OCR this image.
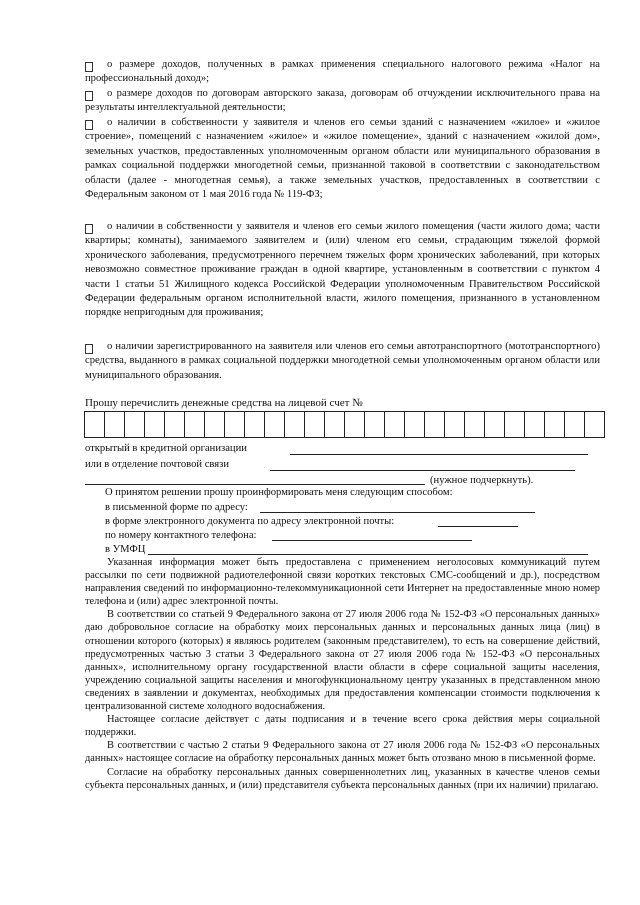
о размере доходов, полученных в рамках применения специального налогового режима «Налог на профессиональный доход»;

о размере доходов по договорам авторского заказа, договорам об отчуждении исключительного права на результаты интеллектуальной деятельности;

о наличии в собственности у заявителя и членов его семьи зданий с назначением «жилое» и «жилое строение», помещений с назначением «жилое» и «жилое помещение», зданий с назначением «жилой дом», земельных участков, предоставленных уполномоченным органом области или муниципального образования в рамках социальной поддержки многодетной семьи, признанной таковой в соответствии с законодательством области (далее - многодетная семья), а также земельных участков, предоставленных в соответствии с Федеральным законом от 1 мая 2016 года № 119-ФЗ;

о наличии в собственности у заявителя и членов его семьи жилого помещения (части жилого дома; части квартиры; комнаты), занимаемого заявителем и (или) членом его семьи, страдающим тяжелой формой хронического заболевания, предусмотренного перечнем тяжелых форм хронических заболеваний, при которых невозможно совместное проживание граждан в одной квартире, установленным в соответствии с пунктом 4 части 1 статьи 51 Жилищного кодекса Российской Федерации уполномоченным Правительством Российской Федерации федеральным органом исполнительной власти, жилого помещения, признанного в установленном порядке непригодным для проживания;

о наличии зарегистрированного на заявителя или членов его семьи автотранспортного (мототранспортного) средства, выданного в рамках социальной поддержки многодетной семьи уполномоченным органом области или муниципального образования.

Прошу перечислить денежные средства на лицевой счет №
открытый в кредитной организации
или в отделение почтовой связи
(нужное подчеркнуть).
О принятом решении прошу проинформировать меня следующим способом:
в письменной форме по адресу:
в форме электронного документа по адресу электронной почты:
по номеру контактного телефона:
в УМФЦ

Указанная информация может быть предоставлена с применением неголосовых коммуникаций путем рассылки по сети подвижной радиотелефонной связи коротких текстовых СМС-сообщений и др.), посредством направления сведений по информационно-телекоммуникационной сети Интернет на предоставленные мною номер телефона и (или) адрес электронной почты.

В соответствии со статьей 9 Федерального закона от 27 июля 2006 года № 152-ФЗ «О персональных данных» даю добровольное согласие на обработку моих персональных данных и персональных данных лица (лиц) в отношении которого (которых) я являюсь родителем (законным представителем), то есть на совершение действий, предусмотренных частью 3 статьи 3 Федерального закона от 27 июля 2006 года № 152-ФЗ «О персональных данных», исполнительному органу государственной власти области в сфере социальной защиты населения, учреждению социальной защиты населения и многофункциональному центру указанных в представленном мною сведениях в заявлении и документах, необходимых для предоставления компенсации стоимости подключения к централизованной системе холодного водоснабжения.

Настоящее согласие действует с даты подписания и в течение всего срока действия меры социальной поддержки.

В соответствии с частью 2 статьи 9 Федерального закона от 27 июля 2006 года № 152-ФЗ «О персональных данных» настоящее согласие на обработку персональных данных может быть отозвано мною в письменной форме.

Согласие на обработку персональных данных совершеннолетних лиц, указанных в качестве членов семьи субъекта персональных данных, и (или) представителя субъекта персональных данных (при их наличии) прилагаю.
